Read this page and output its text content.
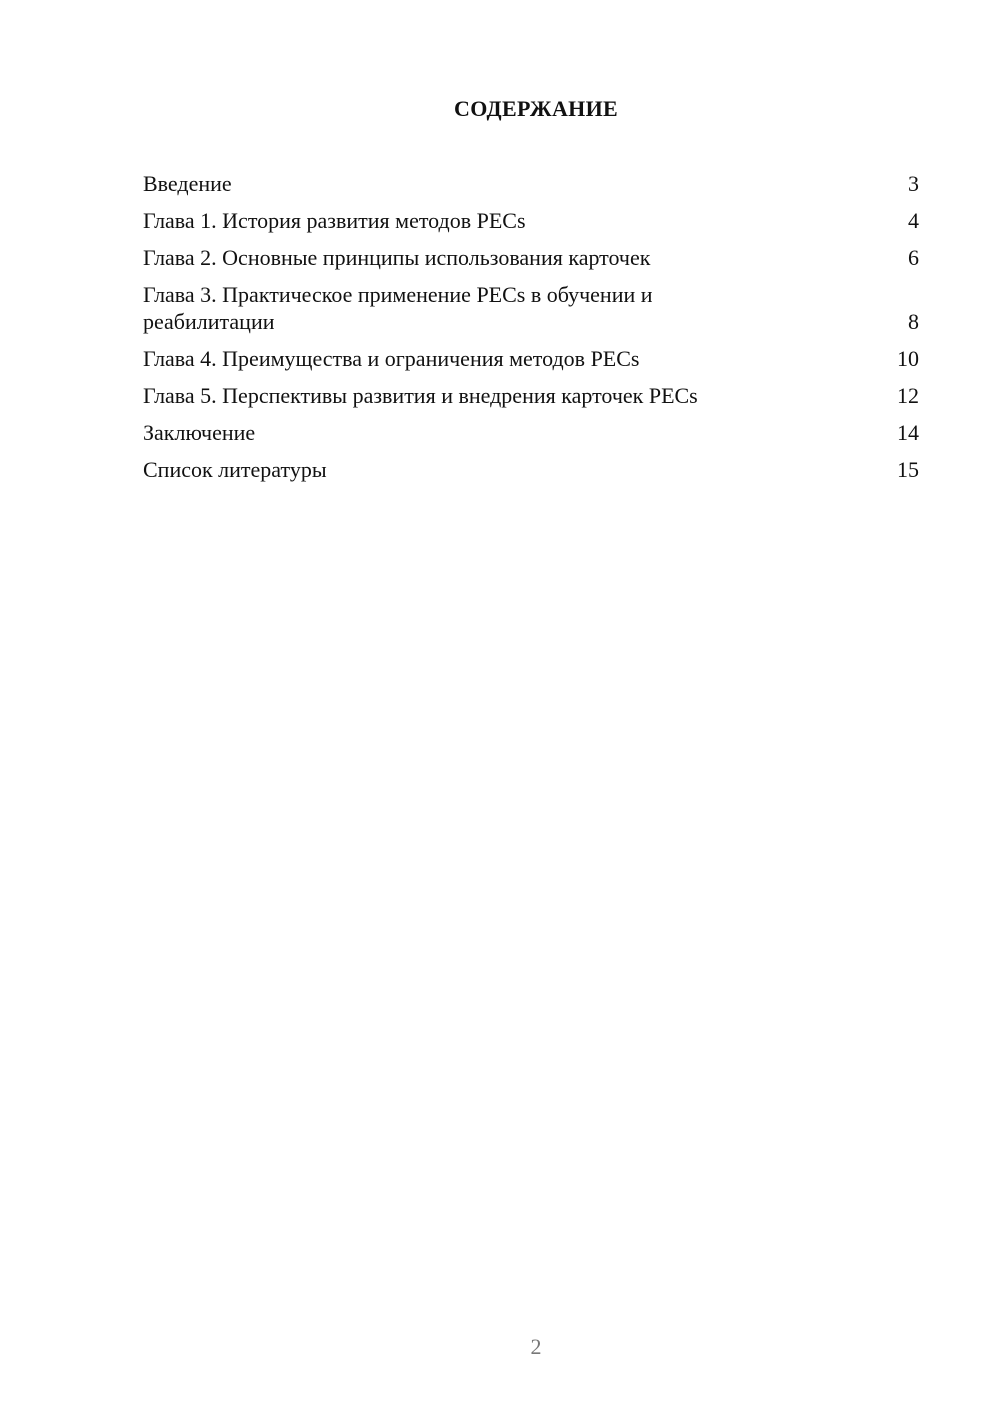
СОДЕРЖАНИЕ
Введение	3
Глава 1. История развития методов PECs	4
Глава 2. Основные принципы использования карточек	6
Глава 3. Практическое применение PECs в обучении и реабилитации	8
Глава 4. Преимущества и ограничения методов PECs	10
Глава 5. Перспективы развития и внедрения карточек PECs	12
Заключение	14
Список литературы	15
2
